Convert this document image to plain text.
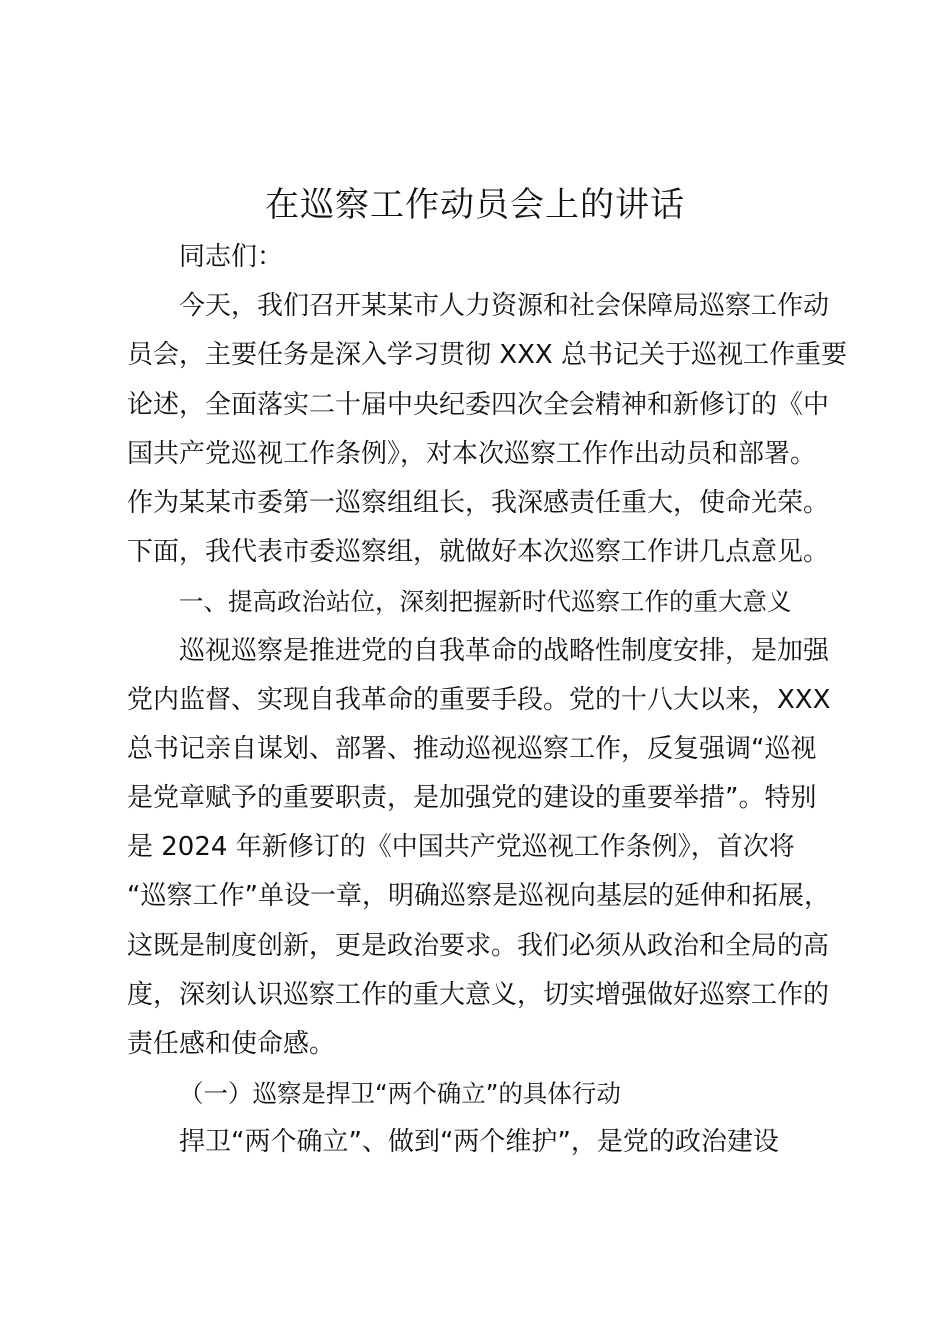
在巡察工作动员会上的讲话

同志们：

今天，我们召开某某市人力资源和社会保障局巡察工作动

员会，主要任务是深入学习贯彻 XXX 总书记关于巡视工作重要

论述，全面落实二十届中央纪委四次全会精神和新修订的《中

国共产党巡视工作条例》，对本次巡察工作作出动员和部署。

作为某某市委第一巡察组组长，我深感责任重大，使命光荣。

下面，我代表市委巡察组，就做好本次巡察工作讲几点意见。

一、提高政治站位，深刻把握新时代巡察工作的重大意义

巡视巡察是推进党的自我革命的战略性制度安排，是加强

党内监督、实现自我革命的重要手段。党的十八大以来，XXX

总书记亲自谋划、部署、推动巡视巡察工作，反复强调“巡视

是党章赋予的重要职责，是加强党的建设的重要举措”。特别

是 2024 年新修订的《中国共产党巡视工作条例》，首次将

“巡察工作”单设一章，明确巡察是巡视向基层的延伸和拓展，

这既是制度创新，更是政治要求。我们必须从政治和全局的高

度，深刻认识巡察工作的重大意义，切实增强做好巡察工作的

责任感和使命感。

（一）巡察是捍卫“两个确立”的具体行动

捍卫“两个确立”、做到“两个维护”，是党的政治建设
